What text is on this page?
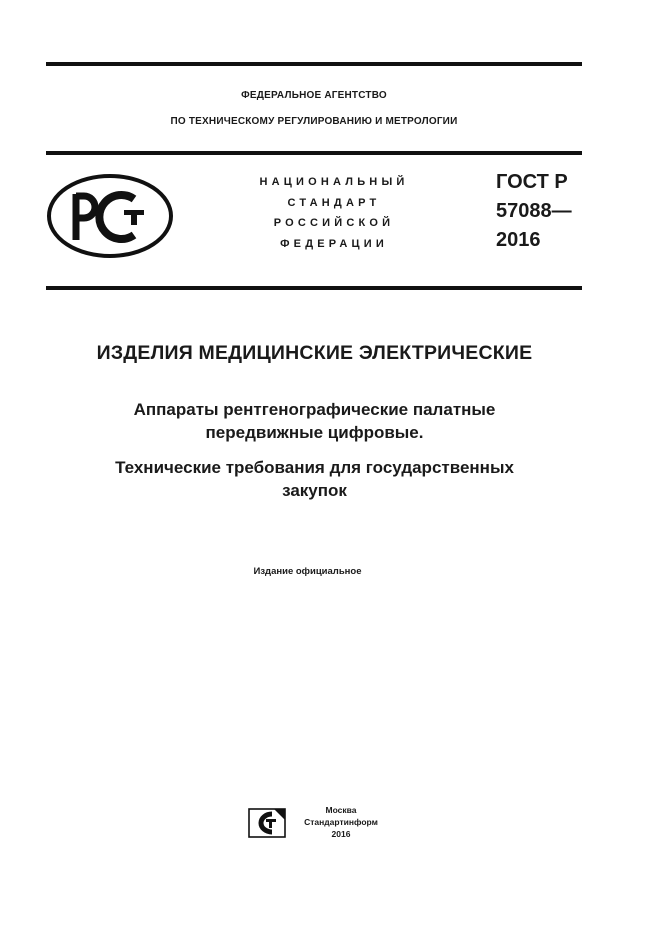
ФЕДЕРАЛЬНОЕ АГЕНТСТВО
ПО ТЕХНИЧЕСКОМУ РЕГУЛИРОВАНИЮ И МЕТРОЛОГИИ
НАЦИОНАЛЬНЫЙ
СТАНДАРТ
РОССИЙСКОЙ
ФЕДЕРАЦИИ
ГОСТ Р
57088—
2016
ИЗДЕЛИЯ МЕДИЦИНСКИЕ ЭЛЕКТРИЧЕСКИЕ
Аппараты рентгенографические палатные
передвижные цифровые.
Технические требования для государственных
закупок
Издание официальное
Москва
Стандартинформ
2016
